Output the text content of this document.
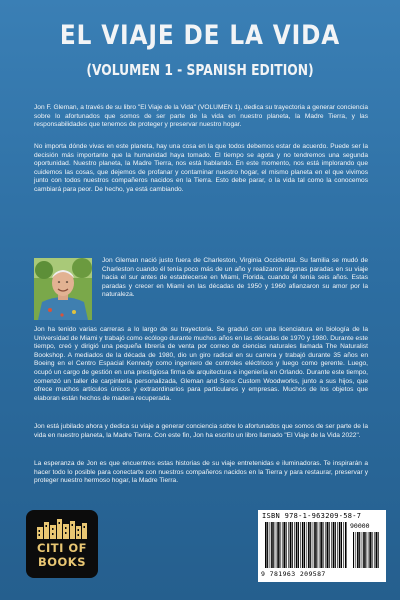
EL VIAJE DE LA VIDA
(VOLUMEN 1 - SPANISH EDITION)

Jon F. Gleman, a través de su libro "El Viaje de la Vida" (VOLUMEN 1), dedica su trayectoria a generar conciencia sobre lo afortunados que somos de ser parte de la vida en nuestro planeta, la Madre Tierra, y las responsabilidades que tenemos de proteger y preservar nuestro hogar.

No importa dónde vivas en este planeta, hay una cosa en la que todos debemos estar de acuerdo. Puede ser la decisión más importante que la humanidad haya tomado. El tiempo se agota y no tendremos una segunda oportunidad. Nuestro planeta, la Madre Tierra, nos está hablando. En este momento, nos está implorando que cuidemos las cosas, que dejemos de profanar y contaminar nuestro hogar, el mismo planeta en el que vivimos junto con todos nuestros compañeros nacidos en la Tierra. Esto debe parar, o la vida tal como la conocemos cambiará para peor. De hecho, ya está cambiando.

Jon Gleman nació justo fuera de Charleston, Virginia Occidental. Su familia se mudó de Charleston cuando él tenía poco más de un año y realizaron algunas paradas en su viaje hacia el sur antes de establecerse en Miami, Florida, cuando él tenía seis años. Estas paradas y crecer en Miami en las décadas de 1950 y 1960 afianzaron su amor por la naturaleza.

Jon ha tenido varias carreras a lo largo de su trayectoria. Se graduó con una licenciatura en biología de la Universidad de Miami y trabajó como ecólogo durante muchos años en las décadas de 1970 y 1980. Durante este tiempo, creó y dirigió una pequeña librería de venta por correo de ciencias naturales llamada The Naturalist Bookshop. A mediados de la década de 1980, dio un giro radical en su carrera y trabajó durante 35 años en Boeing en el Centro Espacial Kennedy como ingeniero de controles eléctricos y luego como gerente. Luego, ocupó un cargo de gestión en una prestigiosa firma de arquitectura e ingeniería en Orlando. Durante este tiempo, comenzó un taller de carpintería personalizada, Gleman and Sons Custom Woodworks, junto a sus hijos, que ofrece muchos artículos únicos y extraordinarios para particulares y empresas. Muchos de los objetos que elaboran están hechos de madera recuperada.

Jon está jubilado ahora y dedica su viaje a generar conciencia sobre lo afortunados que somos de ser parte de la vida en nuestro planeta, la Madre Tierra. Con este fin, Jon ha escrito un libro llamado "El Viaje de la Vida 2022".

La esperanza de Jon es que encuentres estas historias de su viaje entretenidas e iluminadoras. Te inspirarán a hacer todo lo posible para conectarte con nuestros compañeros nacidos en la Tierra y para restaurar, preservar y proteger nuestro hermoso hogar, la Madre Tierra.

CITI OF
BOOKS
ISBN 978-1-963209-58-7
90000
9 781963 209587
